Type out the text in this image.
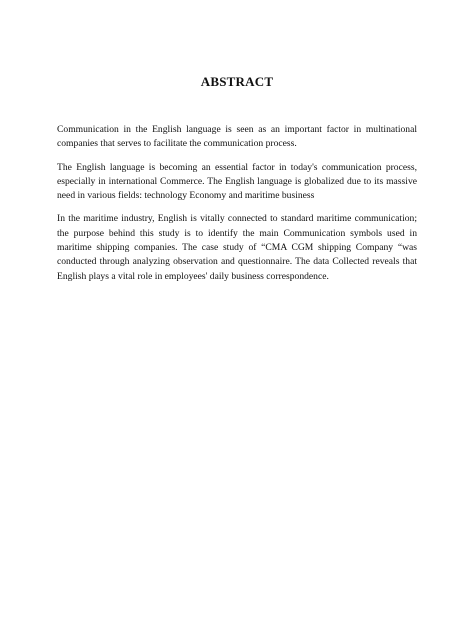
ABSTRACT

Communication in the English language is seen as an important factor in multinational companies that serves to facilitate the communication process.

The English language is becoming an essential factor in today's communication process, especially in international Commerce. The English language is globalized due to its massive need in various fields: technology Economy and maritime business

In the maritime industry, English is vitally connected to standard maritime communication; the purpose behind this study is to identify the main Communication symbols used in maritime shipping companies. The case study of “CMA CGM shipping Company “was conducted through analyzing observation and questionnaire. The data Collected reveals that English plays a vital role in employees' daily business correspondence.
